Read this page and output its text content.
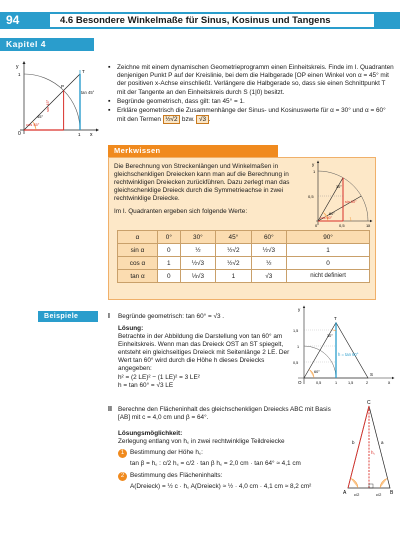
94	4.6 Besondere Winkelmaße für Sinus, Kosinus und Tangens
Kapitel 4
x
y
0	1
1
P
T
tan 45°
sin 45°
cos 45°
45°
▪ Zeichne mit einem dynamischen Geometrieprogramm einen Einheitskreis. Finde im I. Quadranten denjenigen Punkt P auf der Kreislinie, bei dem die Halbgerade [OP einen Winkel von α = 45° mit der positiven x-Achse einschließt. Verlängere die Halbgerade so, dass sie einen Schnittpunkt T mit der Tangente an den Einheitskreis durch S (1|0) besitzt.
▪ Begründe geometrisch, dass gilt: tan 45° = 1.
▪ Erkläre geometrisch die Zusammenhänge der Sinus- und Kosinuswerte für α = 30° und α = 60° mit den Termen ½√2 bzw. √3 .
Merkwissen
Die Berechnung von Streckenlängen und Winkelmaßen in gleichschenkligen Dreiecken kann man auf die Berechnung in rechtwinkligen Dreiecken zurückführen. Dazu zerlegt man das gleichschenklige Dreieck durch die Symmetrieachse in zwei rechtwinklige Dreiecke.
Im I. Quadranten ergeben sich folgende Werte:
y
x
1
0,5
1
0,5
0
sin 60°
cos 60°
30°
60°
α	0°	30°	45°	60°	90°
sin α	0	½	½√2	½√3	1
cos α	1	½√3	½√2	½	0
tan α	0	⅓√3	1	√3	nicht definiert
Beispiele	I Begründe geometrisch: tan 60° = √3 .
Lösung:
Betrachte in der Abbildung die Darstellung von tan 60° am Einheitskreis. Wenn man das Dreieck OST an ST spiegelt, entsteht ein gleichseitiges Dreieck mit Seitenlänge 2 LE. Der Wert tan 60° wird durch die Höhe h dieses Dreiecks angegeben:
h² = (2 LE)² − (1 LE)² = 3 LE²
h = tan 60° = √3 LE
y
x
T
S
O
h = tan 60°
30°
60°
1,5
1
0,5
0,5	1	1,5	2
II Berechne den Flächeninhalt des gleichschenkligen Dreiecks ABC mit Basis [AB] mit c = 4,0 cm und β = 64°.
Lösungsmöglichkeit:
Zerlegung entlang von h꜀ in zwei rechtwinklige Teildreiecke
1 Bestimmung der Höhe h꜀:
tan β = h꜀ : c/2 h꜀ = c/2 · tan β h꜀ = 2,0 cm · tan 64° ≈ 4,1 cm
2 Bestimmung des Flächeninhalts:
A(Dreieck) = ½ c · h꜀ A(Dreieck) ≈ ½ · 4,0 cm · 4,1 cm ≈ 8,2 cm²
C
b	a
h꜀
A	B
c/2	c/2
